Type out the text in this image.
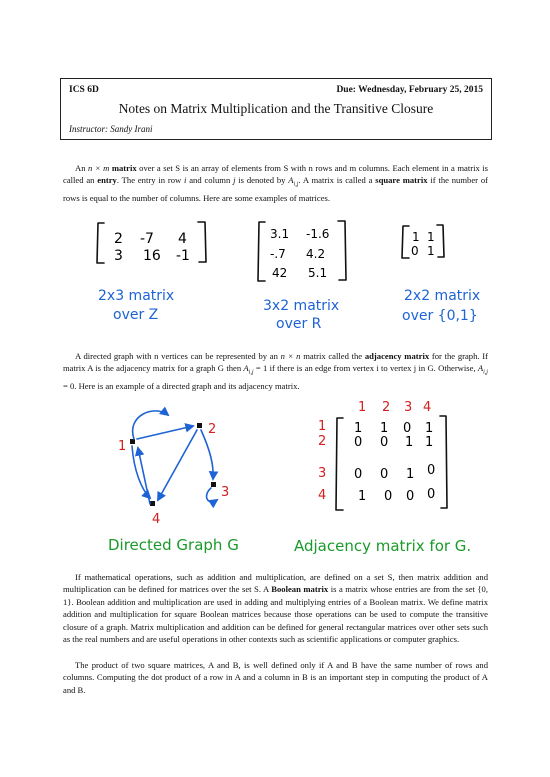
ICS 6D	Due: Wednesday, February 25, 2015
Notes on Matrix Multiplication and the Transitive Closure
Instructor: Sandy Irani

An n × m matrix over a set S is an array of elements from S with n rows and m columns. Each element in a matrix is called an entry. The entry in row i and column j is denoted by $A_{i,j}$. A matrix is called a square matrix if the number of rows is equal to the number of columns. Here are some examples of matrices.

2 -7 4
3 16 -1
2x3 matrix
over Z
3.1 -1.6
-.7 4.2
42 5.1
3x2 matrix
over R
1 1
0 1
2x2 matrix
over {0,1}
1
2
3
4
Directed Graph G
1 2 3 4
1
2
3
4
1 1 0 1
0 0 1 1
0 0 1 0
1 0 0 0
Adjacency matrix for G.

A directed graph with n vertices can be represented by an n × n matrix called the adjacency matrix for the graph. If matrix A is the adjacency matrix for a graph G then $A_{i,j} = 1$ if there is an edge from vertex i to vertex j in G. Otherwise, $A_{i,j} = 0$. Here is an example of a directed graph and its adjacency matrix.

If mathematical operations, such as addition and multiplication, are defined on a set S, then matrix addition and multiplication can be defined for matrices over the set S. A Boolean matrix is a matrix whose entries are from the set {0, 1}. Boolean addition and multiplication are used in adding and multiplying entries of a Boolean matrix. We define matrix addition and multiplication for square Boolean matrices because those operations can be used to compute the transitive closure of a graph. Matrix multiplication and addition can be defined for general rectangular matrices over other sets such as the real numbers and are useful operations in other contexts such as scientific applications or computer graphics.

The product of two square matrices, A and B, is well defined only if A and B have the same number of rows and columns. Computing the dot product of a row in A and a column in B is an important step in computing the product of A and B.
